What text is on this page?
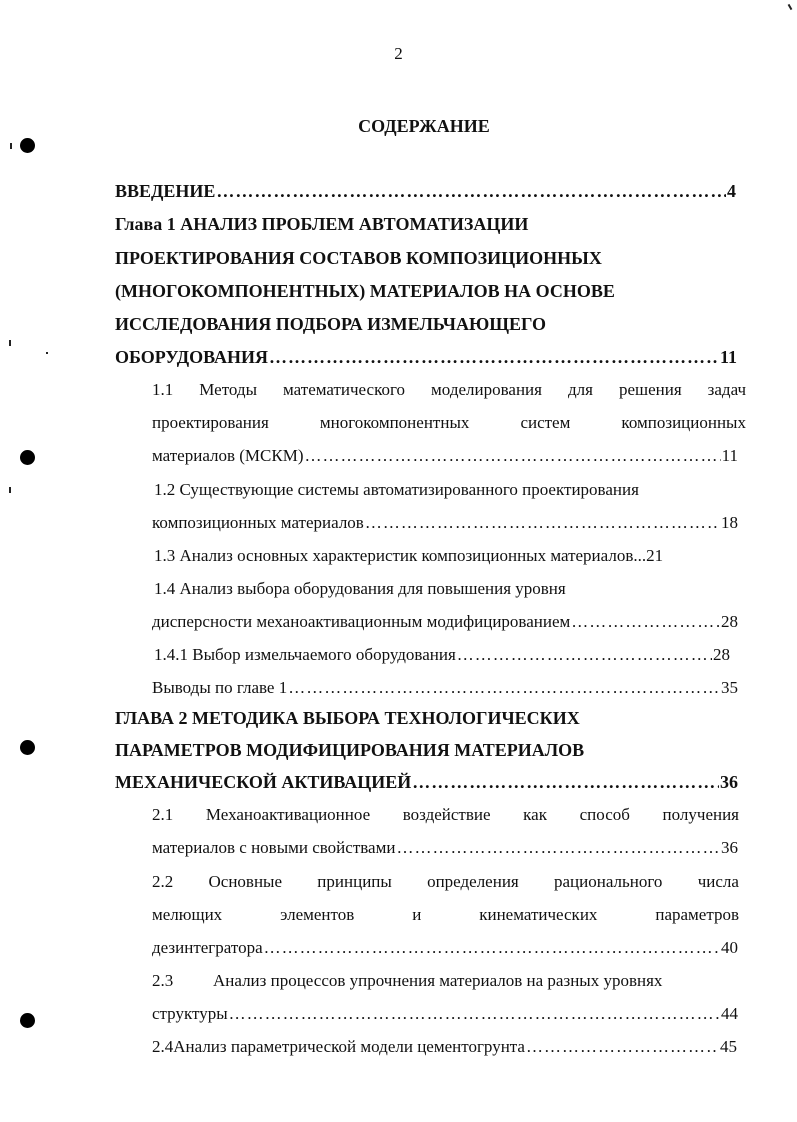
2
СОДЕРЖАНИЕ
ВВЕДЕНИЕ ………………………………………………………………………………………………………………………………………………………………	4
Глава 1 АНАЛИЗ ПРОБЛЕМ АВТОМАТИЗАЦИИ
ПРОЕКТИРОВАНИЯ СОСТАВОВ КОМПОЗИЦИОННЫХ
(МНОГОКОМПОНЕНТНЫХ) МАТЕРИАЛОВ НА ОСНОВЕ
ИССЛЕДОВАНИЯ ПОДБОРА ИЗМЕЛЬЧАЮЩЕГО
ОБОРУДОВАНИЯ ………………………………………………………………………………………………………………………………………………………………	11
1.1 Методы математического моделирования для решения задач
проектирования	многокомпонентных	систем	композиционных
материалов (МСКМ) ………………………………………………………………………………………………………………………………………………………………	11
1.2 Существующие системы автоматизированного проектирования
композиционных материалов ………………………………………………………………………………………………………………………………………………………………	18
1.3 Анализ основных характеристик композиционных материалов... 21
1.4 Анализ выбора оборудования для повышения уровня
дисперсности механоактивационным модифицированием ………………………………………………………………………………………………………………………………………………………………	28
1.4.1 Выбор измельчаемого оборудования ………………………………………………………………………………………………………………………………………………………………	28
Выводы по главе 1 ………………………………………………………………………………………………………………………………………………………………	35
ГЛАВА 2 МЕТОДИКА ВЫБОРА ТЕХНОЛОГИЧЕСКИХ
ПАРАМЕТРОВ МОДИФИЦИРОВАНИЯ МАТЕРИАЛОВ
МЕХАНИЧЕСКОЙ АКТИВАЦИЕЙ ………………………………………………………………………………………………………………………………………………………………	36
2.1 Механоактивационное воздействие как способ получения
материалов с новыми свойствами ………………………………………………………………………………………………………………………………………………………………	36
2.2 Основные принципы определения рационального числа
мелющих	элементов	и	кинематических	параметров
дезинтегратора ………………………………………………………………………………………………………………………………………………………………	40
2.3	Анализ процессов упрочнения материалов на разных уровнях
структуры ………………………………………………………………………………………………………………………………………………………………	44
2.4 Анализ параметрической модели цементогрунта ………………………………………………………………………………………………………………………………………………………………	45
